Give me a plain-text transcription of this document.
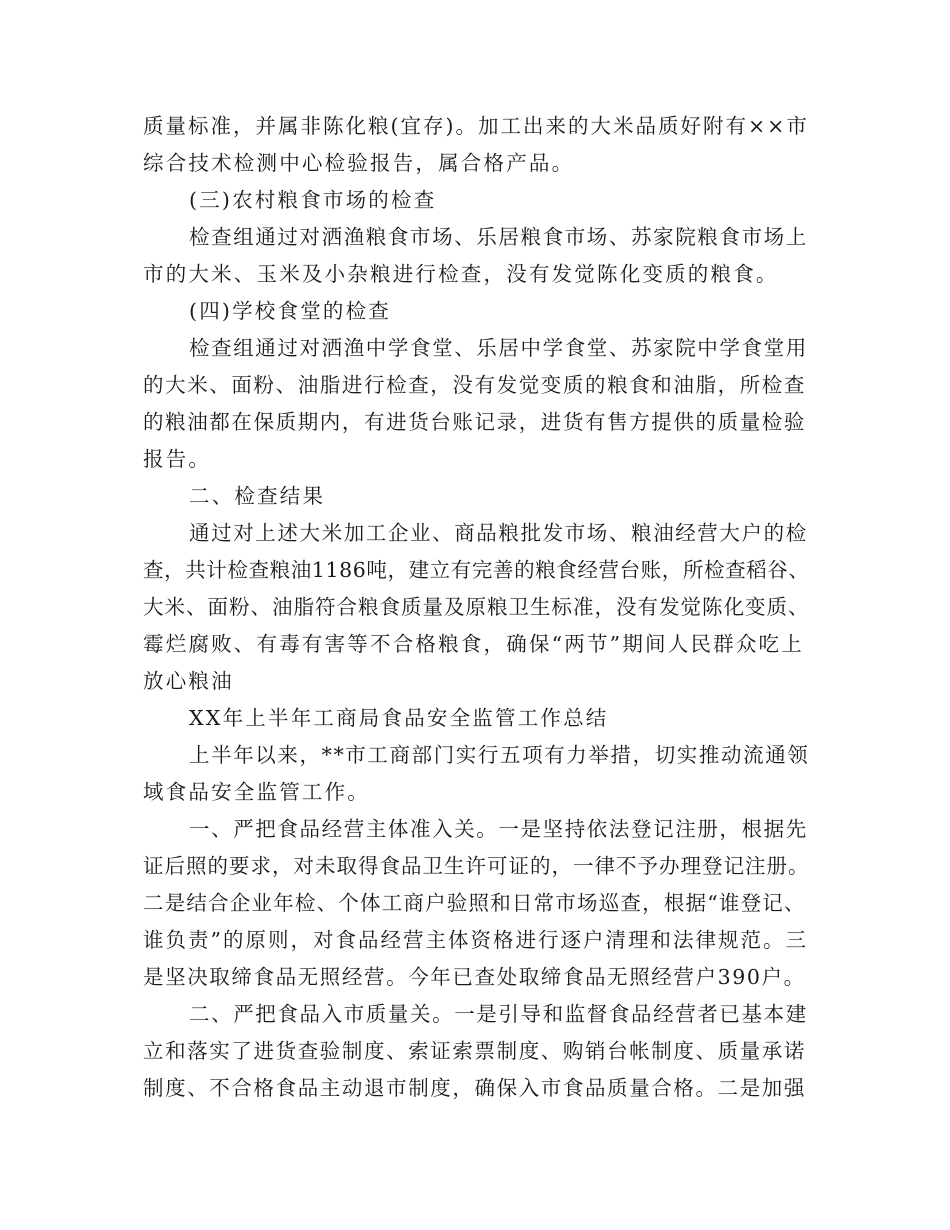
质量标准，并属非陈化粮(宜存)。加工出来的大米品质好附有××市
综合技术检测中心检验报告，属合格产品。
(三)农村粮食市场的检查
检查组通过对洒渔粮食市场、乐居粮食市场、苏家院粮食市场上
市的大米、玉米及小杂粮进行检查，没有发觉陈化变质的粮食。
(四)学校食堂的检查
检查组通过对洒渔中学食堂、乐居中学食堂、苏家院中学食堂用
的大米、面粉、油脂进行检查，没有发觉变质的粮食和油脂，所检查
的粮油都在保质期内，有进货台账记录，进货有售方提供的质量检验
报告。
二、检查结果
通过对上述大米加工企业、商品粮批发市场、粮油经营大户的检
查，共计检查粮油1186吨，建立有完善的粮食经营台账，所检查稻谷、
大米、面粉、油脂符合粮食质量及原粮卫生标准，没有发觉陈化变质、
霉烂腐败、有毒有害等不合格粮食，确保“两节”期间人民群众吃上
放心粮油
XX年上半年工商局食品安全监管工作总结
上半年以来，**市工商部门实行五项有力举措，切实推动流通领
域食品安全监管工作。
一、严把食品经营主体准入关。一是坚持依法登记注册，根据先
证后照的要求，对未取得食品卫生许可证的，一律不予办理登记注册。
二是结合企业年检、个体工商户验照和日常市场巡查，根据“谁登记、
谁负责”的原则，对食品经营主体资格进行逐户清理和法律规范。三
是坚决取缔食品无照经营。今年已查处取缔食品无照经营户390户。
二、严把食品入市质量关。一是引导和监督食品经营者已基本建
立和落实了进货查验制度、索证索票制度、购销台帐制度、质量承诺
制度、不合格食品主动退市制度，确保入市食品质量合格。二是加强
